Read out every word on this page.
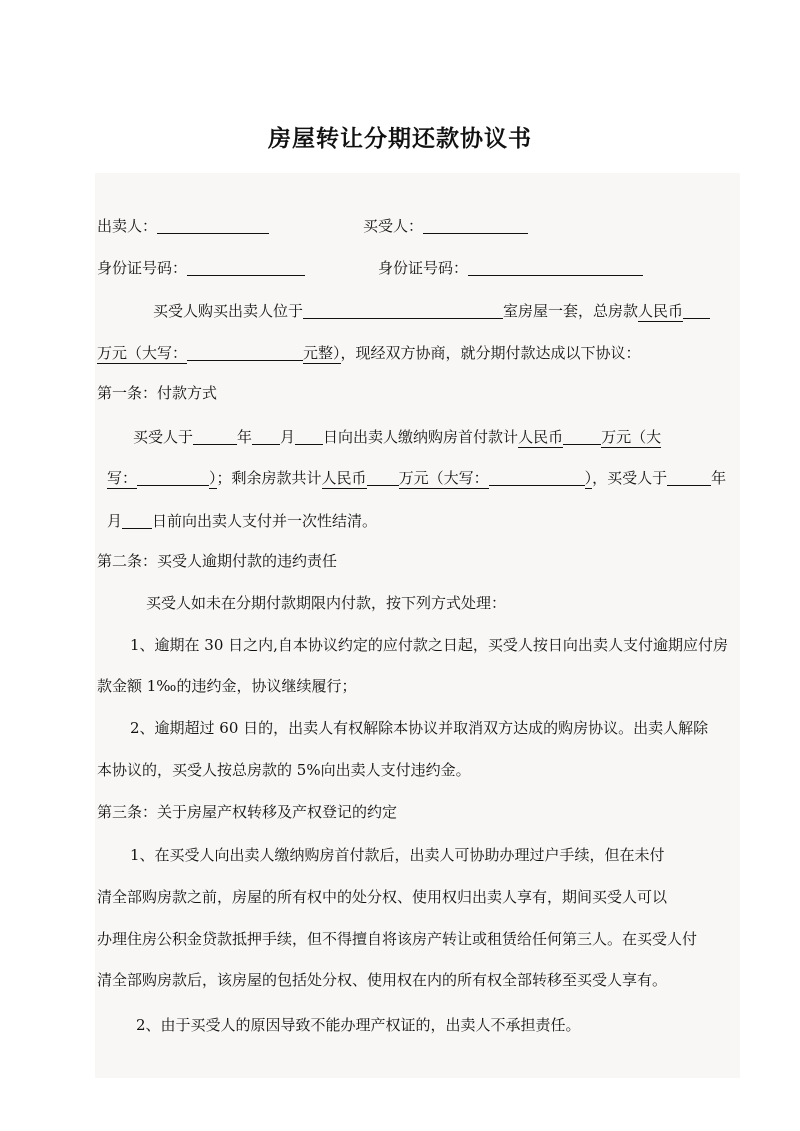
房屋转让分期还款协议书
出卖人：	买受人：
身份证号码：	身份证号码：
买受人购买出卖人位于	室房屋一套，总房款人民币
万元（大写：	元整），现经双方协商，就分期付款达成以下协议：
第一条：付款方式
买受人于	年 月 日向出卖人缴纳购房首付款计人民币	万元（大
写：	）；剩余房款共计人民币 万元（大写：	），买受人于	年
月 日前向出卖人支付并一次性结清。
第二条：买受人逾期付款的违约责任
买受人如未在分期付款期限内付款，按下列方式处理：
1、逾期在 30 日之内,自本协议约定的应付款之日起，买受人按日向出卖人支付逾期应付房
款金额 1‰的违约金，协议继续履行；
2、逾期超过 60 日的，出卖人有权解除本协议并取消双方达成的购房协议。出卖人解除
本协议的，买受人按总房款的 5%向出卖人支付违约金。
第三条：关于房屋产权转移及产权登记的约定
1、在买受人向出卖人缴纳购房首付款后，出卖人可协助办理过户手续，但在未付
清全部购房款之前，房屋的所有权中的处分权、使用权归出卖人享有，期间买受人可以
办理住房公积金贷款抵押手续，但不得擅自将该房产转让或租赁给任何第三人。在买受人付
清全部购房款后，该房屋的包括处分权、使用权在内的所有权全部转移至买受人享有。
2、由于买受人的原因导致不能办理产权证的，出卖人不承担责任。
